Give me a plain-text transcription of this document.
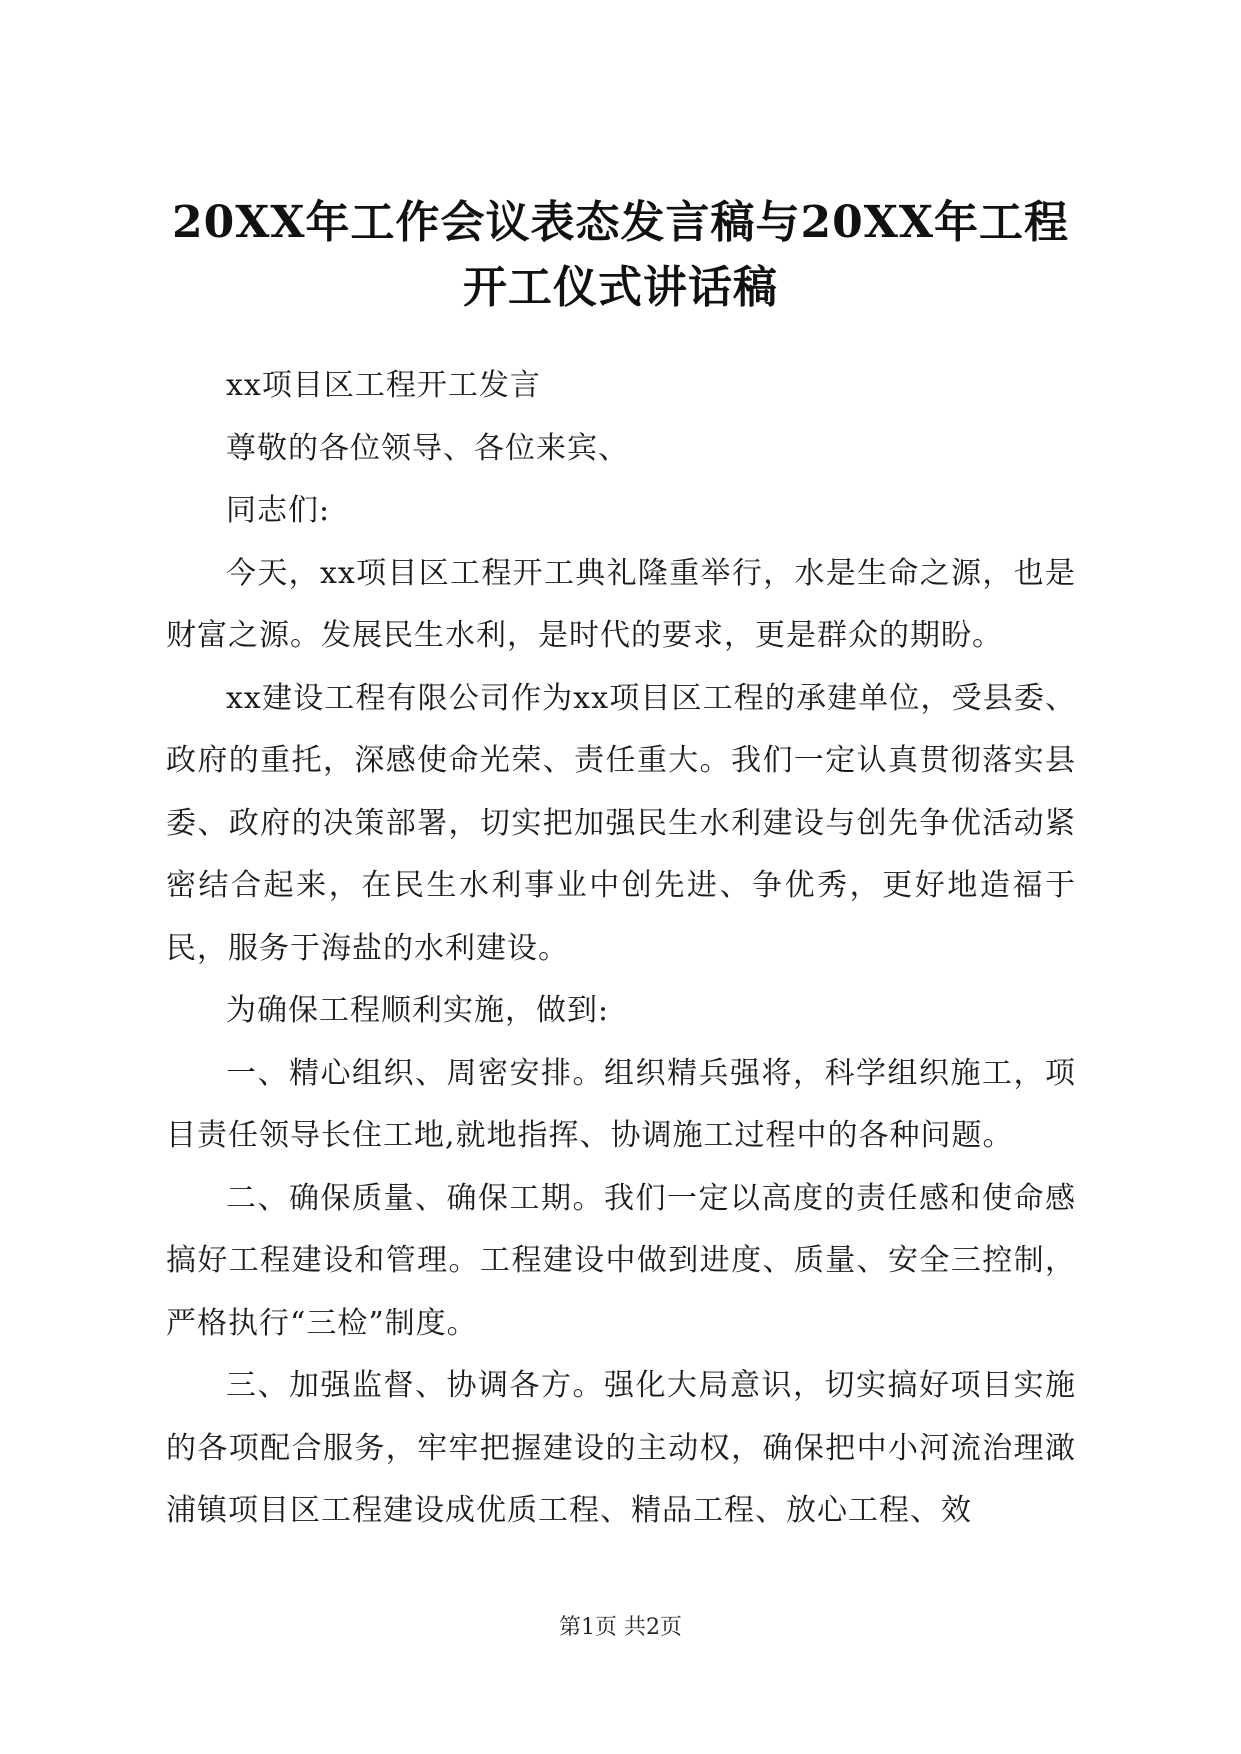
20XX年工作会议表态发言稿与20XX年工程开工仪式讲话稿

xx项目区工程开工发言

尊敬的各位领导、各位来宾、

同志们:

今天，xx项目区工程开工典礼隆重举行，水是生命之源，也是财富之源。发展民生水利，是时代的要求，更是群众的期盼。

xx建设工程有限公司作为xx项目区工程的承建单位，受县委、政府的重托，深感使命光荣、责任重大。我们一定认真贯彻落实县委、政府的决策部署，切实把加强民生水利建设与创先争优活动紧密结合起来，在民生水利事业中创先进、争优秀，更好地造福于民，服务于海盐的水利建设。

为确保工程顺利实施，做到:

一、精心组织、周密安排。组织精兵强将，科学组织施工，项目责任领导长住工地,就地指挥、协调施工过程中的各种问题。

二、确保质量、确保工期。我们一定以高度的责任感和使命感搞好工程建设和管理。工程建设中做到进度、质量、安全三控制，严格执行“三检”制度。

三、加强监督、协调各方。强化大局意识，切实搞好项目实施的各项配合服务，牢牢把握建设的主动权，确保把中小河流治理澉浦镇项目区工程建设成优质工程、精品工程、放心工程、效

第1页 共2页
